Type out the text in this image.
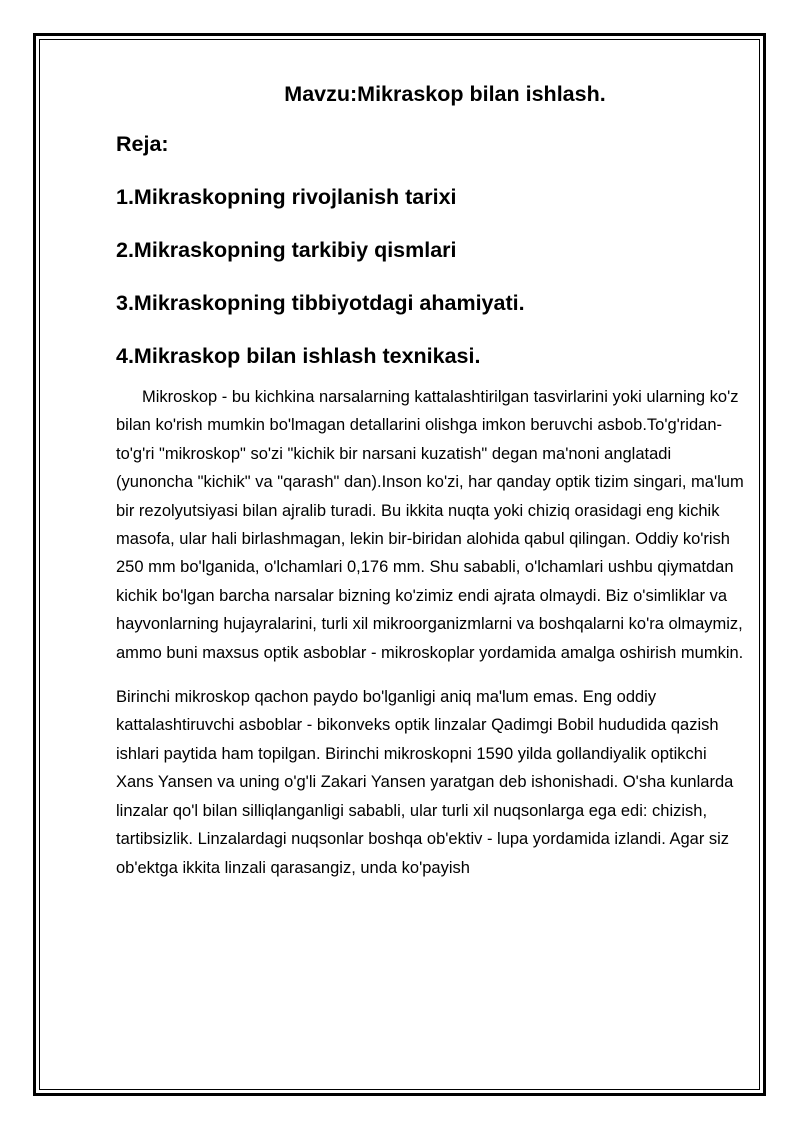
Mavzu:Mikraskop bilan ishlash.
Reja:
1.Mikraskopning rivojlanish tarixi
2.Mikraskopning tarkibiy qismlari
3.Mikraskopning tibbiyotdagi ahamiyati.
4.Mikraskop bilan ishlash texnikasi.

Mikroskop - bu kichkina narsalarning kattalashtirilgan tasvirlarini yoki ularning ko'z bilan ko'rish mumkin bo'lmagan detallarini olishga imkon beruvchi asbob.To'g'ridan-to'g'ri "mikroskop" so'zi "kichik bir narsani kuzatish" degan ma'noni anglatadi (yunoncha "kichik" va "qarash" dan).Inson ko'zi, har qanday optik tizim singari, ma'lum bir rezolyutsiyasi bilan ajralib turadi. Bu ikkita nuqta yoki chiziq orasidagi eng kichik masofa, ular hali birlashmagan, lekin bir-biridan alohida qabul qilingan. Oddiy ko'rish 250 mm bo'lganida, o'lchamlari 0,176 mm. Shu sababli, o'lchamlari ushbu qiymatdan kichik bo'lgan barcha narsalar bizning ko'zimiz endi ajrata olmaydi. Biz o'simliklar va hayvonlarning hujayralarini, turli xil mikroorganizmlarni va boshqalarni ko'ra olmaymiz, ammo buni maxsus optik asboblar - mikroskoplar yordamida amalga oshirish mumkin.

Birinchi mikroskop qachon paydo bo'lganligi aniq ma'lum emas. Eng oddiy kattalashtiruvchi asboblar - bikonveks optik linzalar Qadimgi Bobil hududida qazish ishlari paytida ham topilgan. Birinchi mikroskopni 1590 yilda gollandiyalik optikchi Xans Yansen va uning o'g'li Zakari Yansen yaratgan deb ishonishadi. O'sha kunlarda linzalar qo'l bilan silliqlanganligi sababli, ular turli xil nuqsonlarga ega edi: chizish, tartibsizlik. Linzalardagi nuqsonlar boshqa ob'ektiv - lupa yordamida izlandi. Agar siz ob'ektga ikkita linzali qarasangiz, unda ko'payish
